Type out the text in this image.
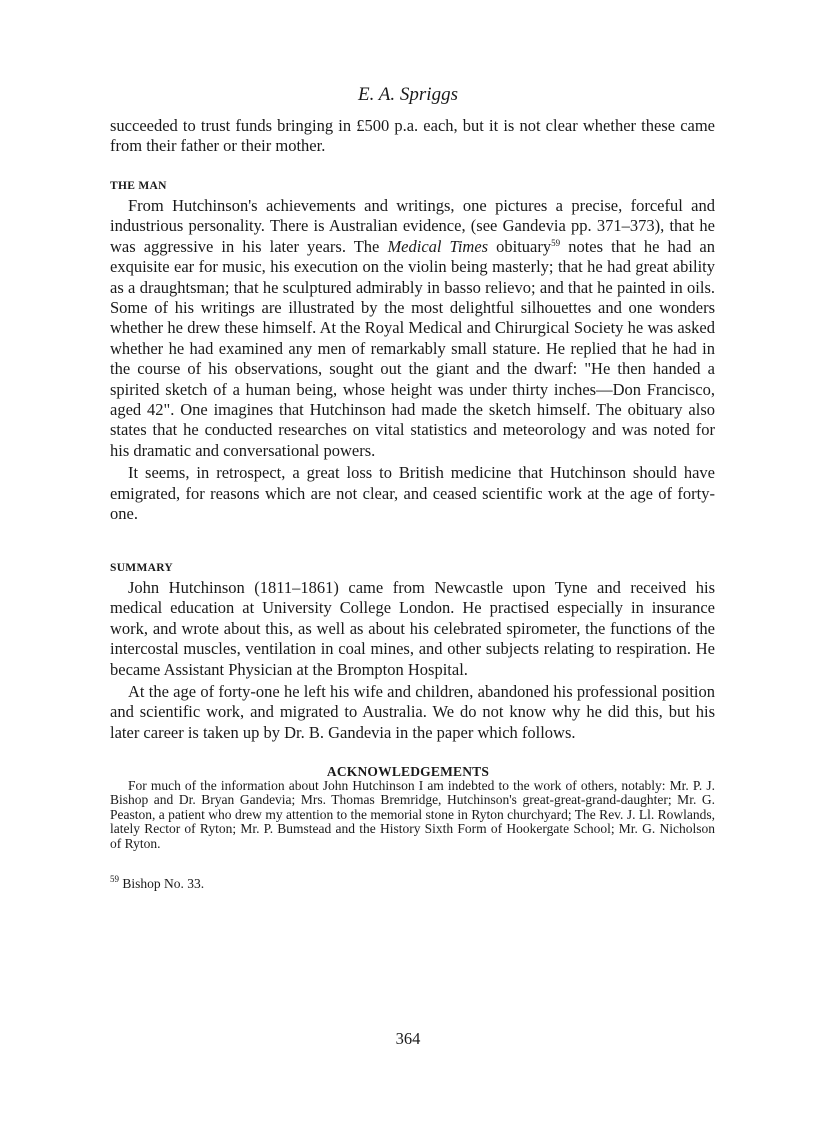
E. A. Spriggs

succeeded to trust funds bringing in £500 p.a. each, but it is not clear whether these came from their father or their mother.

THE MAN

From Hutchinson's achievements and writings, one pictures a precise, forceful and industrious personality. There is Australian evidence, (see Gandevia pp. 371–373), that he was aggressive in his later years. The Medical Times obituary$^{59}$ notes that he had an exquisite ear for music, his execution on the violin being masterly; that he had great ability as a draughtsman; that he sculptured admirably in basso relievo; and that he painted in oils. Some of his writings are illustrated by the most delightful silhouettes and one wonders whether he drew these himself. At the Royal Medical and Chirurgical Society he was asked whether he had examined any men of remarkably small stature. He replied that he had in the course of his observations, sought out the giant and the dwarf: "He then handed a spirited sketch of a human being, whose height was under thirty inches—Don Francisco, aged 42". One imagines that Hutchinson had made the sketch himself. The obituary also states that he conducted researches on vital statistics and meteorology and was noted for his dramatic and conversational powers.

It seems, in retrospect, a great loss to British medicine that Hutchinson should have emigrated, for reasons which are not clear, and ceased scientific work at the age of forty-one.

SUMMARY

John Hutchinson (1811–1861) came from Newcastle upon Tyne and received his medical education at University College London. He practised especially in insurance work, and wrote about this, as well as about his celebrated spirometer, the functions of the intercostal muscles, ventilation in coal mines, and other subjects relating to respiration. He became Assistant Physician at the Brompton Hospital.

At the age of forty-one he left his wife and children, abandoned his professional position and scientific work, and migrated to Australia. We do not know why he did this, but his later career is taken up by Dr. B. Gandevia in the paper which follows.

ACKNOWLEDGEMENTS
For much of the information about John Hutchinson I am indebted to the work of others, notably: Mr. P. J. Bishop and Dr. Bryan Gandevia; Mrs. Thomas Bremridge, Hutchinson's great-great-grand-daughter; Mr. G. Peaston, a patient who drew my attention to the memorial stone in Ryton churchyard; The Rev. J. Ll. Rowlands, lately Rector of Ryton; Mr. P. Bumstead and the History Sixth Form of Hookergate School; Mr. G. Nicholson of Ryton.
$^{59}$ Bishop No. 33.
364
